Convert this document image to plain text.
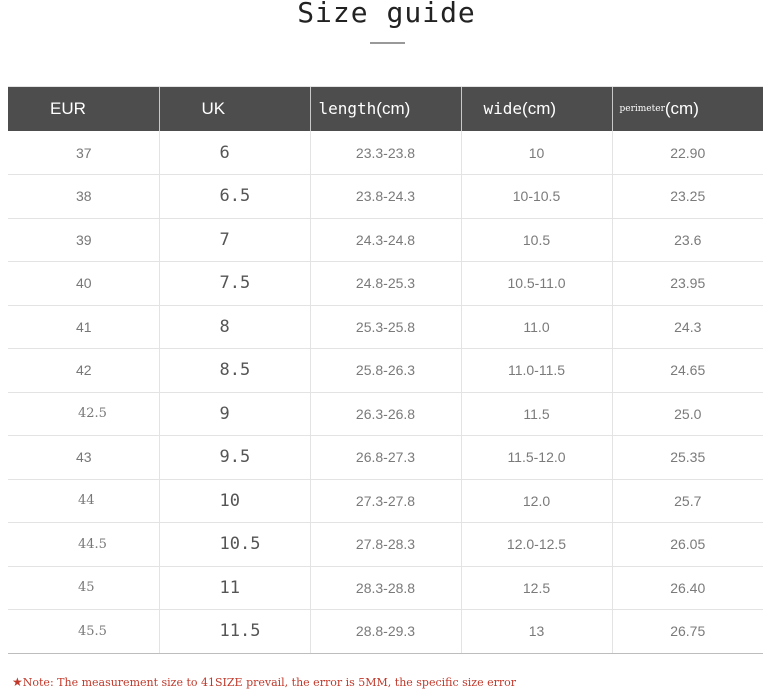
Size guide
EUR	UK	length(cm)	wide(cm)	perimeter(cm)
37	6	23.3-23.8	10	22.90
38	6.5	23.8-24.3	10-10.5	23.25
39	7	24.3-24.8	10.5	23.6
40	7.5	24.8-25.3	10.5-11.0	23.95
41	8	25.3-25.8	11.0	24.3
42	8.5	25.8-26.3	11.0-11.5	24.65
42.5	9	26.3-26.8	11.5	25.0
43	9.5	26.8-27.3	11.5-12.0	25.35
44	10	27.3-27.8	12.0	25.7
44.5	10.5	27.8-28.3	12.0-12.5	26.05
45	11	28.3-28.8	12.5	26.40
45.5	11.5	28.8-29.3	13	26.75
★Note: The measurement size to 41SIZE prevail, the error is 5MM, the specific size error
